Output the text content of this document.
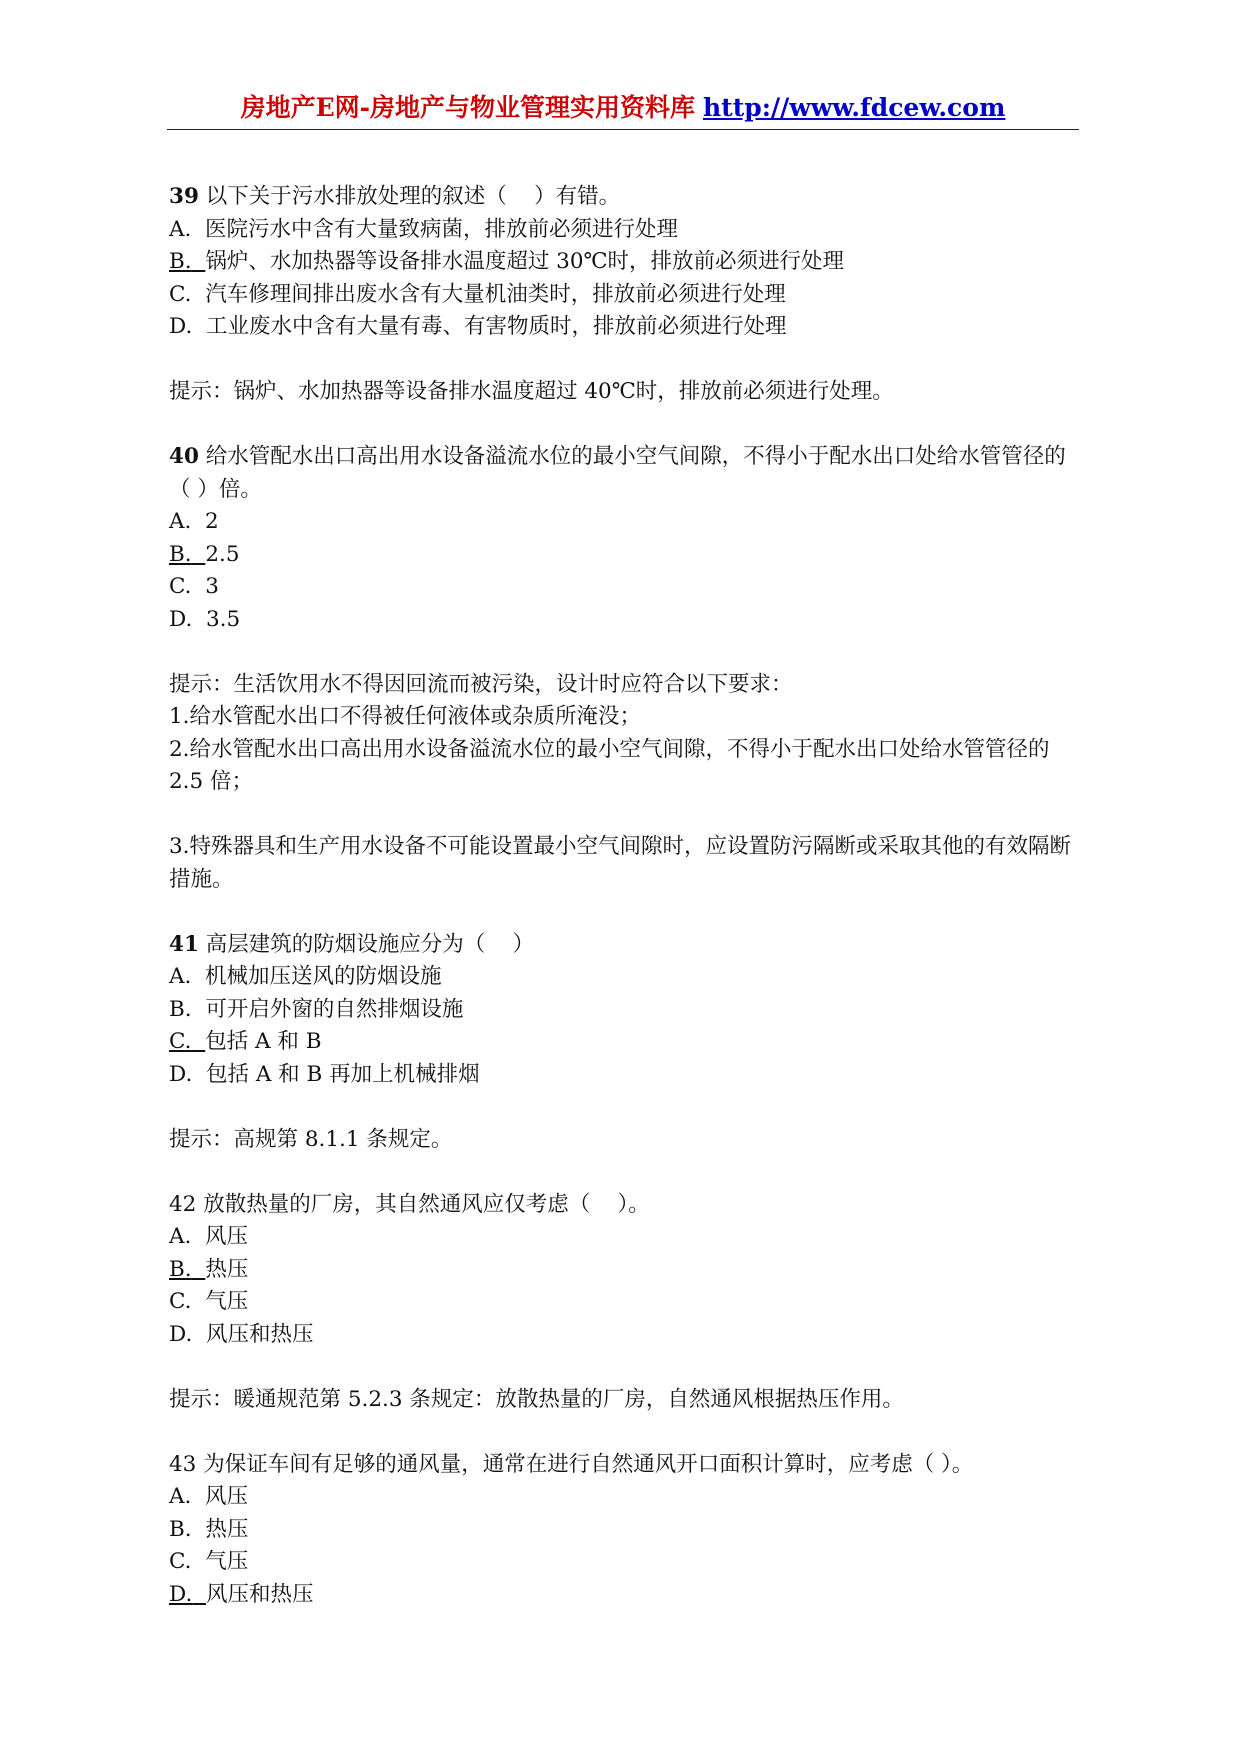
房地产E网-房地产与物业管理实用资料库 http://www.fdcew.com
39 以下关于污水排放处理的叙述（    ）有错。
A. 医院污水中含有大量致病菌，排放前必须进行处理
B. 锅炉、水加热器等设备排水温度超过 30℃时，排放前必须进行处理
C. 汽车修理间排出废水含有大量机油类时，排放前必须进行处理
D. 工业废水中含有大量有毒、有害物质时，排放前必须进行处理
提示：锅炉、水加热器等设备排水温度超过 40℃时，排放前必须进行处理。
40 给水管配水出口高出用水设备溢流水位的最小空气间隙，不得小于配水出口处给水管管径的（ ）倍。
A. 2
B. 2.5
C. 3
D. 3.5
提示：生活饮用水不得因回流而被污染，设计时应符合以下要求：
1.给水管配水出口不得被任何液体或杂质所淹没；
2.给水管配水出口高出用水设备溢流水位的最小空气间隙，不得小于配水出口处给水管管径的 2.5 倍；
3.特殊器具和生产用水设备不可能设置最小空气间隙时，应设置防污隔断或采取其他的有效隔断措施。
41 高层建筑的防烟设施应分为（    ）
A. 机械加压送风的防烟设施
B. 可开启外窗的自然排烟设施
C. 包括 A 和 B
D. 包括 A 和 B 再加上机械排烟
提示：高规第 8.1.1 条规定。
42 放散热量的厂房，其自然通风应仅考虑（    ）。
A. 风压
B. 热压
C. 气压
D. 风压和热压
提示：暖通规范第 5.2.3 条规定：放散热量的厂房，自然通风根据热压作用。
43 为保证车间有足够的通风量，通常在进行自然通风开口面积计算时，应考虑（ ）。
A. 风压
B. 热压
C. 气压
D. 风压和热压
